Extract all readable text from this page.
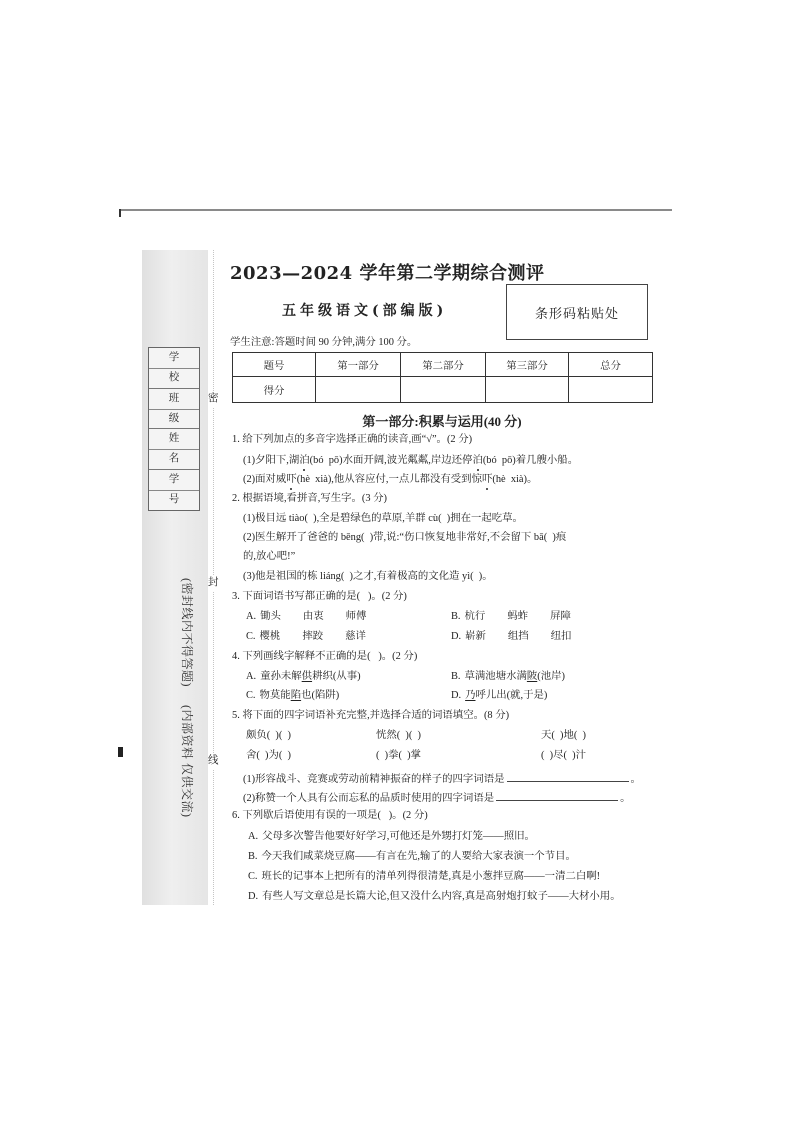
学校
班级
姓名
学号
密
封
线
(密封线内不得答题)
(内部资料 仅供交流)
2023—2024 学年第二学期综合测评
五年级语文(部编版)	条形码粘贴处
学生注意:答题时间 90 分钟,满分 100 分。
题号	第一部分	第二部分	第三部分	总分
得分				
第一部分:积累与运用(40 分)
1. 给下列加点的多音字选择正确的读音,画“√”。(2 分)
(1)夕阳下,湖泊(bó  pō)水面开阔,波光粼粼,岸边还停泊(bó  pō)着几艘小船。
(2)面对威吓(hè  xià),他从容应付,一点儿都没有受到惊吓(hè  xià)。
2. 根据语境,看拼音,写生字。(3 分)
(1)极目远 tiào(  ),全是碧绿色的草原,羊群 cù(  )拥在一起吃草。
(2)医生解开了爸爸的 bēng(  )带,说:“伤口恢复地非常好,不会留下 bā(  )痕
的,放心吧!”
(3)他是祖国的栋 liáng(  )之才,有着极高的文化造 yì(  )。
3. 下面词语书写都正确的是(   )。(2 分)
A. 锄头 由衷 师傅	B. 杭行 蚂蚱 屏障
C. 樱桃 摔跤 慈详	D. 崭新 组挡 纽扣
4. 下列画线字解释不正确的是(   )。(2 分)
A. 童孙未解供耕织(从事)	B. 草满池塘水满陂(池岸)
C. 物莫能陷也(陷阱)	D. 乃呼儿出(就,于是)
5. 将下面的四字词语补充完整,并选择合适的词语填空。(8 分)
颇负(  )(  )	恍然(  )(  )	天(  )地(  )
舍(  )为(  )	(  )拳(  )掌	(  )尽(  )汁
(1)形容战斗、竞赛或劳动前精神振奋的样子的四字词语是	。
(2)称赞一个人具有公而忘私的品质时使用的四字词语是	。
6. 下列歇后语使用有误的一项是(   )。(2 分)
A. 父母多次警告他要好好学习,可他还是外甥打灯笼——照旧。
B. 今天我们咸菜烧豆腐——有言在先,输了的人要给大家表演一个节目。
C. 班长的记事本上把所有的清单列得很清楚,真是小葱拌豆腐——一清二白啊!
D. 有些人写文章总是长篇大论,但又没什么内容,真是高射炮打蚊子——大材小用。
